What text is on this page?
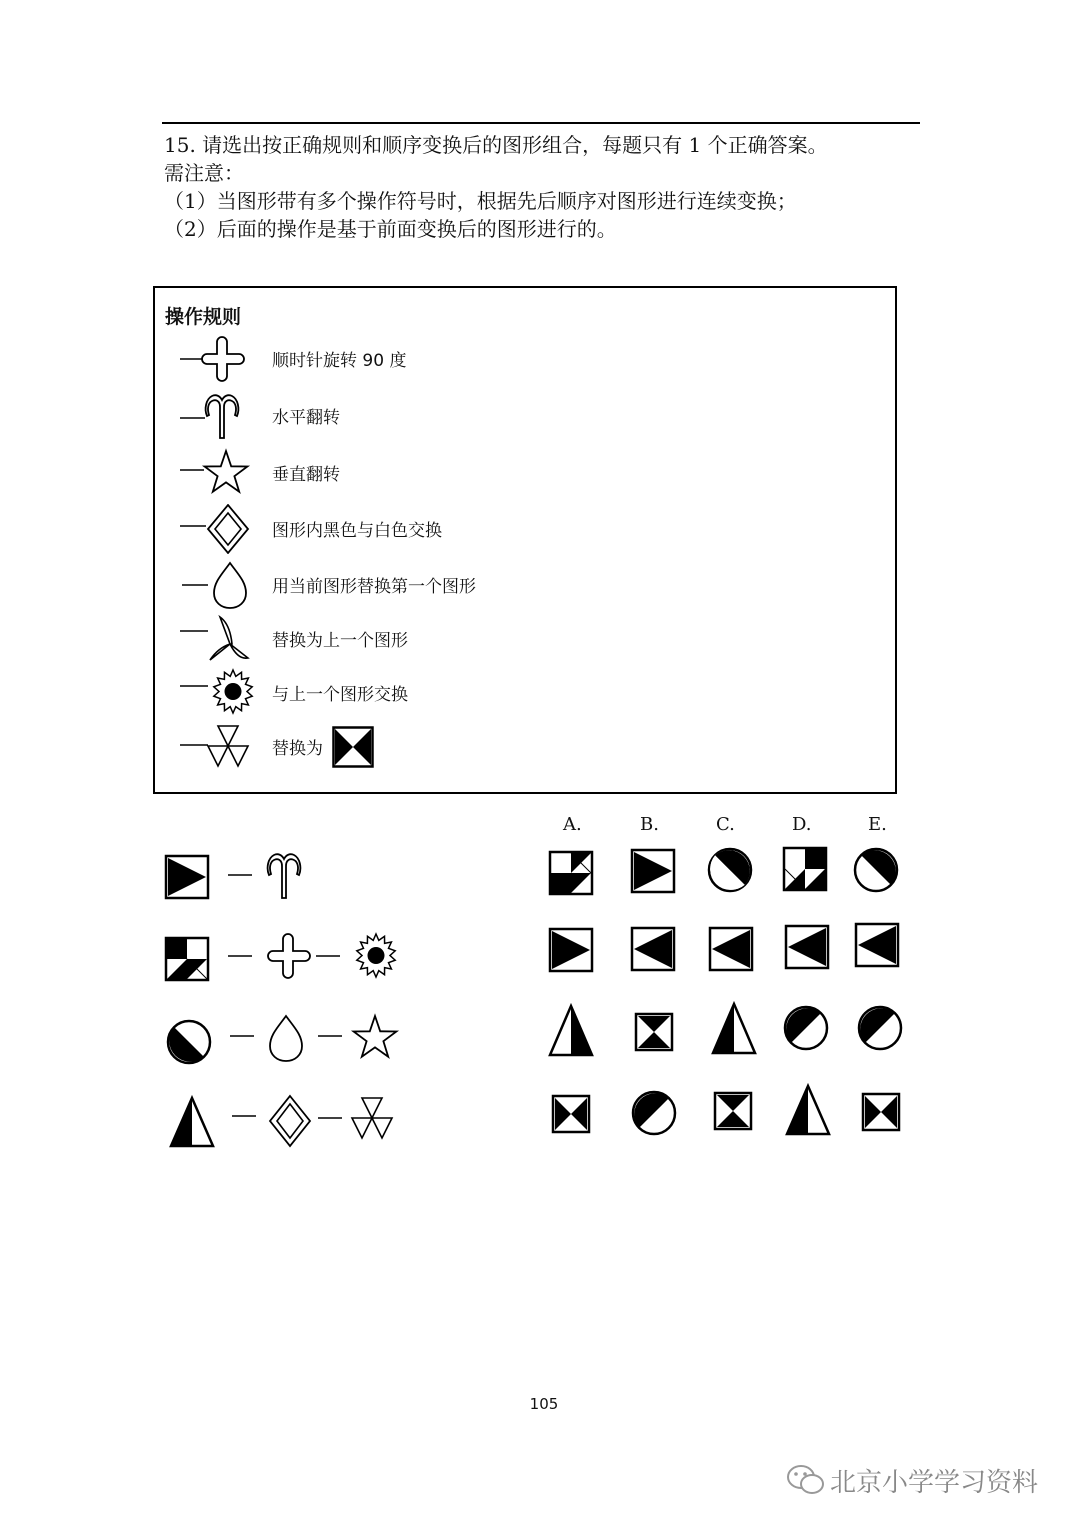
15. 请选出按正确规则和顺序变换后的图形组合，每题只有 1 个正确答案。
需注意：
（1）当图形带有多个操作符号时，根据先后顺序对图形进行连续变换；
（2）后面的操作是基于前面变换后的图形进行的。
操作规则
顺时针旋转 90 度
水平翻转
垂直翻转
图形内黑色与白色交换
用当前图形替换第一个图形
替换为上一个图形
与上一个图形交换
替换为
A.	B.	C.	D.	E.
105
北京小学学习资料
